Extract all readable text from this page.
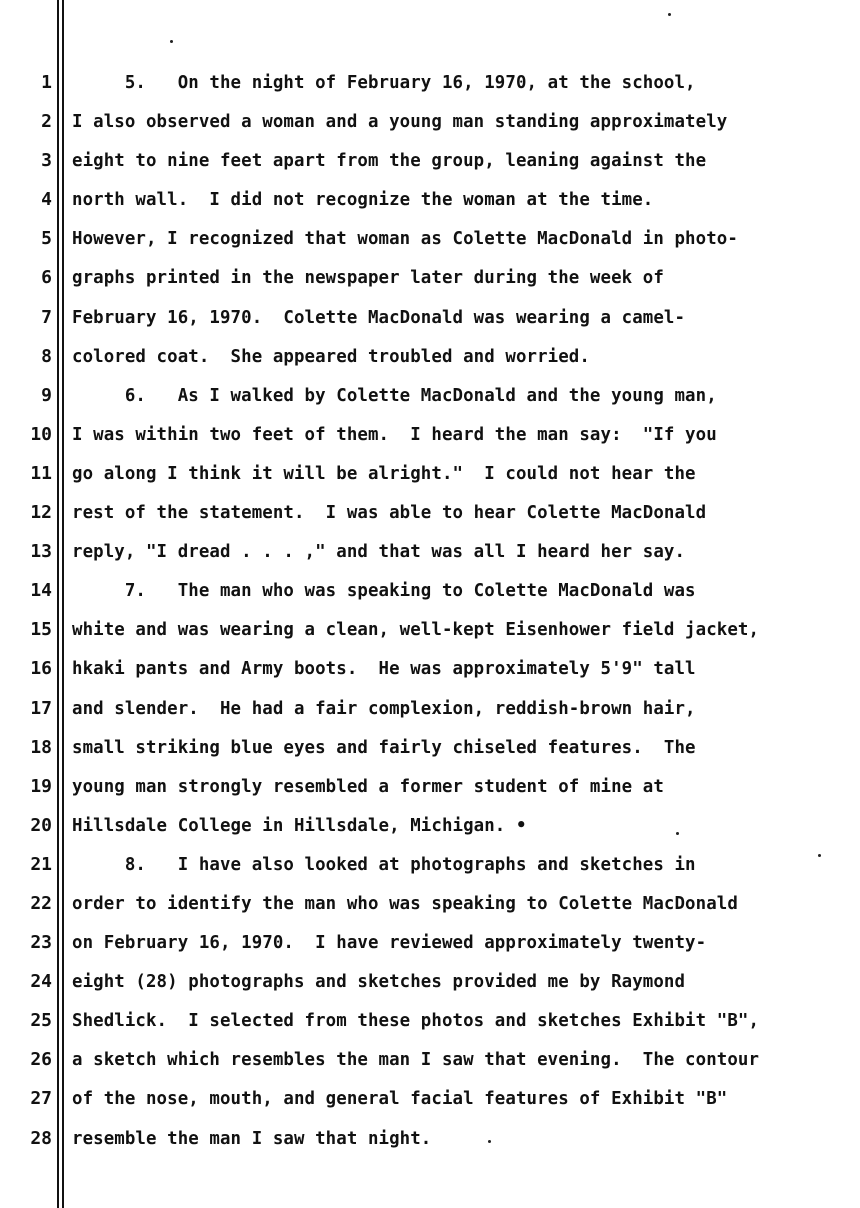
1
2
3
4
5
6
7
8
9
10
11
12
13
14
15
16
17
18
19
20
21
22
23
24
25
26
27
28
5.   On the night of February 16, 1970, at the school,
I also observed a woman and a young man standing approximately
eight to nine feet apart from the group, leaning against the
north wall.  I did not recognize the woman at the time.
However, I recognized that woman as Colette MacDonald in photo-
graphs printed in the newspaper later during the week of
February 16, 1970.  Colette MacDonald was wearing a camel-
colored coat.  She appeared troubled and worried.
6.   As I walked by Colette MacDonald and the young man,
I was within two feet of them.  I heard the man say:  "If you
go along I think it will be alright."  I could not hear the
rest of the statement.  I was able to hear Colette MacDonald
reply, "I dread . . . ," and that was all I heard her say.
7.   The man who was speaking to Colette MacDonald was
white and was wearing a clean, well-kept Eisenhower field jacket,
hkaki pants and Army boots.  He was approximately 5'9" tall
and slender.  He had a fair complexion, reddish-brown hair,
small striking blue eyes and fairly chiseled features.  The
young man strongly resembled a former student of mine at
Hillsdale College in Hillsdale, Michigan. •
8.   I have also looked at photographs and sketches in
order to identify the man who was speaking to Colette MacDonald
on February 16, 1970.  I have reviewed approximately twenty-
eight (28) photographs and sketches provided me by Raymond
Shedlick.  I selected from these photos and sketches Exhibit "B",
a sketch which resembles the man I saw that evening.  The contour
of the nose, mouth, and general facial features of Exhibit "B"
resemble the man I saw that night.
